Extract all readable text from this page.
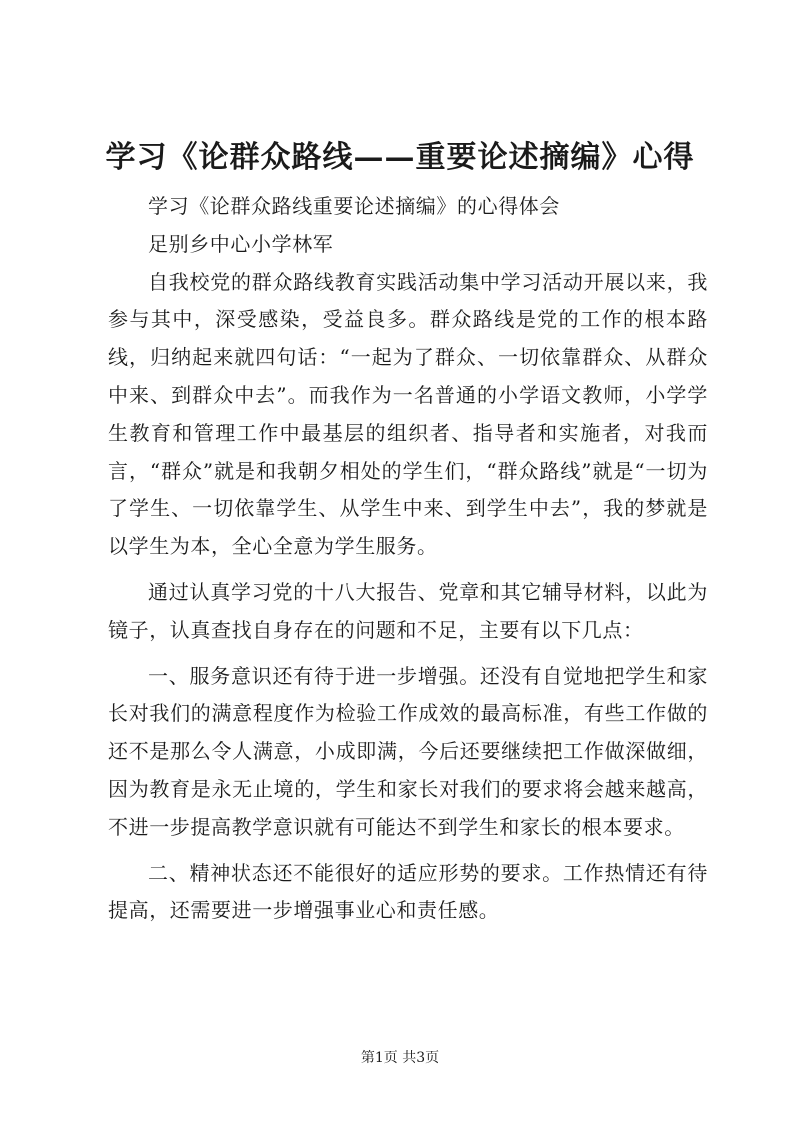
学习《论群众路线——重要论述摘编》心得

学习《论群众路线重要论述摘编》的心得体会

足别乡中心小学林军

自我校党的群众路线教育实践活动集中学习活动开展以来，我参与其中，深受感染，受益良多。群众路线是党的工作的根本路线，归纳起来就四句话：“一起为了群众、一切依靠群众、从群众中来、到群众中去”。而我作为一名普通的小学语文教师，小学学生教育和管理工作中最基层的组织者、指导者和实施者，对我而言，“群众”就是和我朝夕相处的学生们，“群众路线”就是“一切为了学生、一切依靠学生、从学生中来、到学生中去”，我的梦就是以学生为本，全心全意为学生服务。

通过认真学习党的十八大报告、党章和其它辅导材料，以此为镜子，认真查找自身存在的问题和不足，主要有以下几点：

一、服务意识还有待于进一步增强。还没有自觉地把学生和家长对我们的满意程度作为检验工作成效的最高标准，有些工作做的还不是那么令人满意，小成即满，今后还要继续把工作做深做细，因为教育是永无止境的，学生和家长对我们的要求将会越来越高，不进一步提高教学意识就有可能达不到学生和家长的根本要求。

二、精神状态还不能很好的适应形势的要求。工作热情还有待提高，还需要进一步增强事业心和责任感。

第1页 共3页
